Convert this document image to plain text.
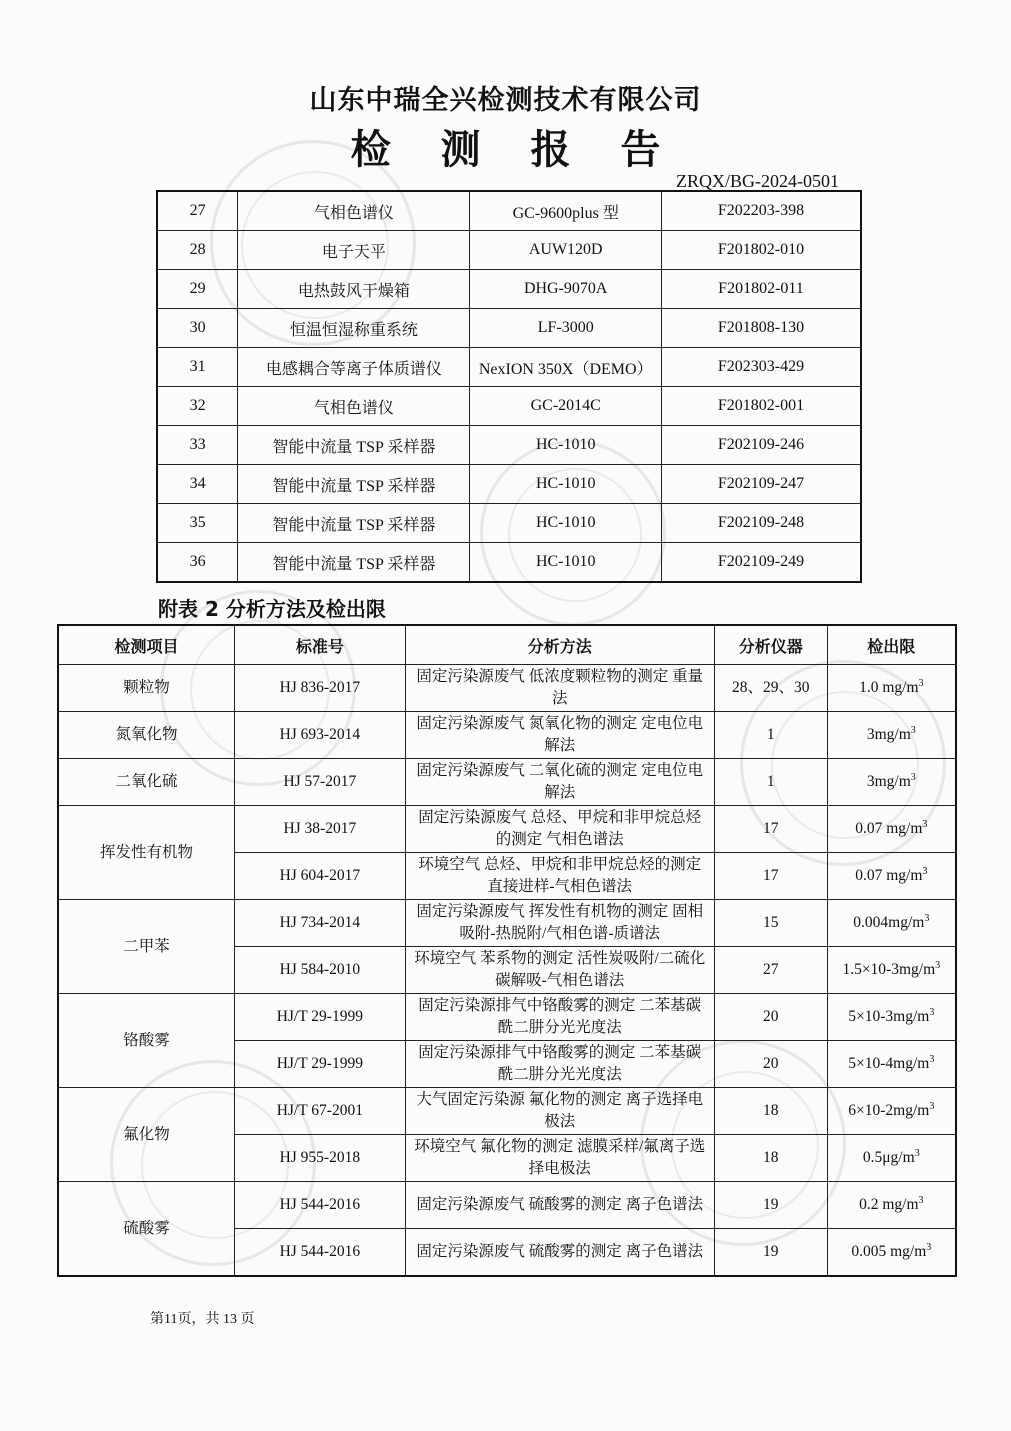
山东中瑞全兴检测技术有限公司
检 测 报 告
ZRQX/BG-2024-0501
27	气相色谱仪	GC-9600plus 型	F202203-398
28	电子天平	AUW120D	F201802-010
29	电热鼓风干燥箱	DHG-9070A	F201802-011
30	恒温恒湿称重系统	LF-3000	F201808-130
31	电感耦合等离子体质谱仪	NexION 350X（DEMO）	F202303-429
32	气相色谱仪	GC-2014C	F201802-001
33	智能中流量 TSP 采样器	HC-1010	F202109-246
34	智能中流量 TSP 采样器	HC-1010	F202109-247
35	智能中流量 TSP 采样器	HC-1010	F202109-248
36	智能中流量 TSP 采样器	HC-1010	F202109-249
附表 2 分析方法及检出限
检测项目	标准号	分析方法	分析仪器	检出限
颗粒物	HJ 836-2017	固定污染源废气 低浓度颗粒物的测定 重量法	28、29、30	1.0 $mg/m^3$
氮氧化物	HJ 693-2014	固定污染源废气 氮氧化物的测定 定电位电解法	1	$3mg/m^3$
二氧化硫	HJ 57-2017	固定污染源废气 二氧化硫的测定 定电位电解法	1	$3mg/m^3$
挥发性有机物	HJ 38-2017	固定污染源废气 总烃、甲烷和非甲烷总烃的测定 气相色谱法	17	0.07 $mg/m^3$
	HJ 604-2017	环境空气 总烃、甲烷和非甲烷总烃的测定 直接进样-气相色谱法	17	0.07 $mg/m^3$
二甲苯	HJ 734-2014	固定污染源废气 挥发性有机物的测定 固相吸附-热脱附/气相色谱-质谱法	15	$0.004mg/m^3$
	HJ 584-2010	环境空气 苯系物的测定 活性炭吸附/二硫化碳解吸-气相色谱法	27	$1.5\times 10-3mg/m^3$
铬酸雾	HJ/T 29-1999	固定污染源排气中铬酸雾的测定 二苯基碳酰二肼分光光度法	20	$5\times 10-3mg/m^3$
	HJ/T 29-1999	固定污染源排气中铬酸雾的测定 二苯基碳酰二肼分光光度法	20	$5\times 10-4mg/m^3$
氟化物	HJ/T 67-2001	大气固定污染源 氟化物的测定 离子选择电极法	18	$6\times 10-2mg/m^3$
	HJ 955-2018	环境空气 氟化物的测定 滤膜采样/氟离子选择电极法	18	$0.5\mu g/m^3$
硫酸雾	HJ 544-2016	固定污染源废气 硫酸雾的测定 离子色谱法	19	0.2 $mg/m^3$
	HJ 544-2016	固定污染源废气 硫酸雾的测定 离子色谱法	19	0.005 $mg/m^3$
第11页，共 13 页
